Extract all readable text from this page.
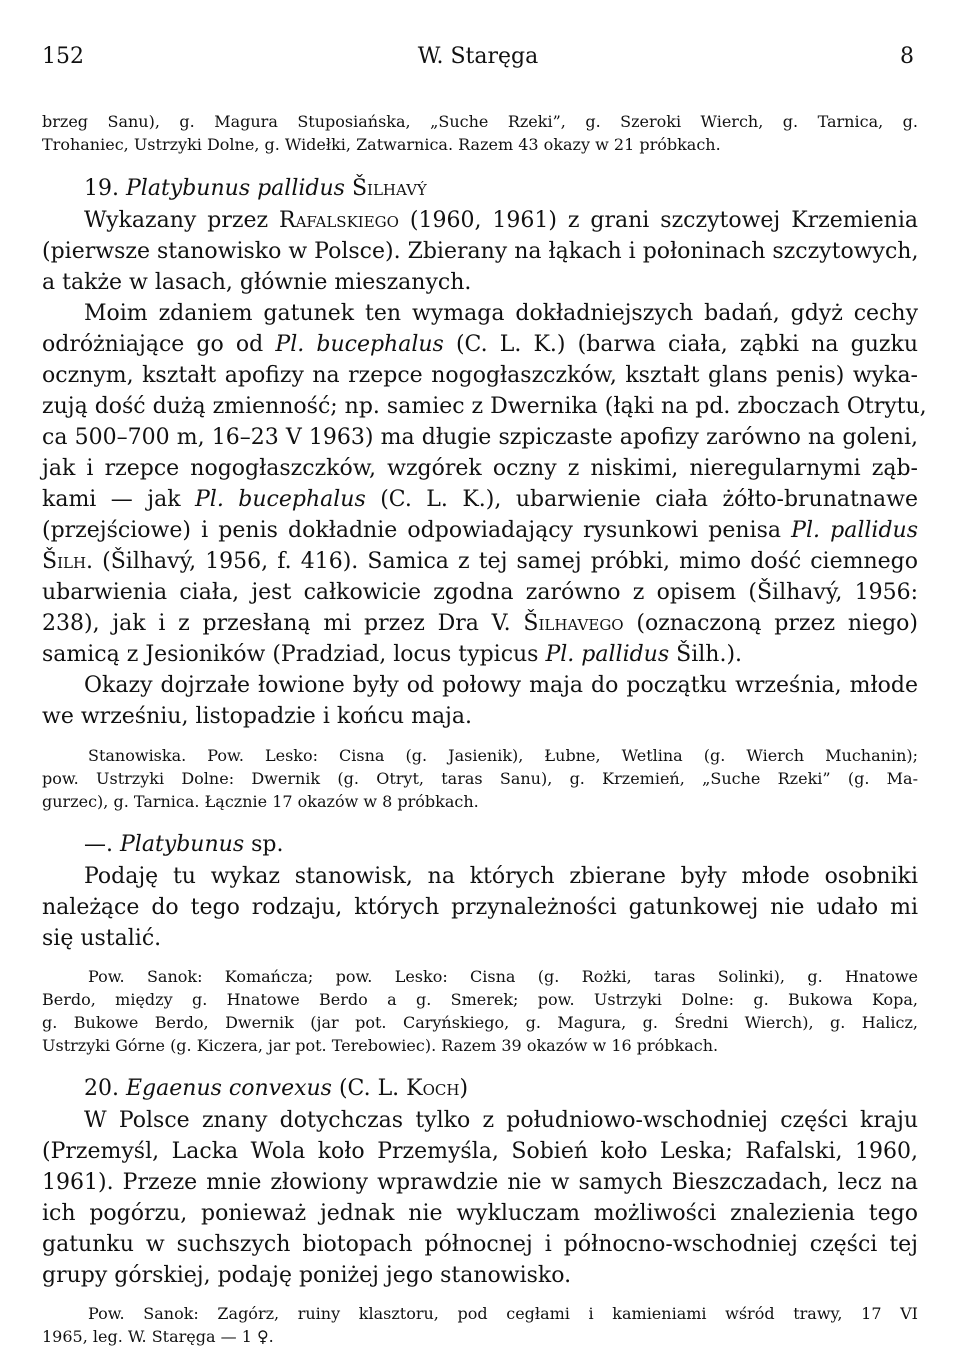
152	W. Staręga	8
brzeg Sanu), g. Magura Stuposiańska, „Suche Rzeki”, g. Szeroki Wierch, g. Tarnica, g.
Trohaniec, Ustrzyki Dolne, g. Widełki, Zatwarnica. Razem 43 okazy w 21 próbkach.
19. Platybunus pallidus Šilhavý
Wykazany przez Rafalskiego (1960, 1961) z grani szczytowej Krzemienia
(pierwsze stanowisko w Polsce). Zbierany na łąkach i połoninach szczytowych,
a także w lasach, głównie mieszanych.
Moim zdaniem gatunek ten wymaga dokładniejszych badań, gdyż cechy
odróżniające go od Pl. bucephalus (C. L. K.) (barwa ciała, ząbki na guzku
ocznym, kształt apofizy na rzepce nogogłaszczków, kształt glans penis) wyka-
zują dość dużą zmienność; np. samiec z Dwernika (łąki na pd. zboczach Otrytu,
ca 500–700 m, 16–23 V 1963) ma długie szpiczaste apofizy zarówno na goleni,
jak i rzepce nogogłaszczków, wzgórek oczny z niskimi, nieregularnymi ząb-
kami — jak Pl. bucephalus (C. L. K.), ubarwienie ciała żółto-brunatnawe
(przejściowe) i penis dokładnie odpowiadający rysunkowi penisa Pl. pallidus
Šilh. (Šilhavý, 1956, f. 416). Samica z tej samej próbki, mimo dość ciemnego
ubarwienia ciała, jest całkowicie zgodna zarówno z opisem (Šilhavý, 1956:
238), jak i z przesłaną mi przez Dra V. Šilhavego (oznaczoną przez niego)
samicą z Jesioników (Pradziad, locus typicus Pl. pallidus Šilh.).
Okazy dojrzałe łowione były od połowy maja do początku września, młode
we wrześniu, listopadzie i końcu maja.
Stanowiska. Pow. Lesko: Cisna (g. Jasienik), Łubne, Wetlina (g. Wierch Muchanin);
pow. Ustrzyki Dolne: Dwernik (g. Otryt, taras Sanu), g. Krzemień, „Suche Rzeki” (g. Ma-
gurzec), g. Tarnica. Łącznie 17 okazów w 8 próbkach.
—. Platybunus sp.
Podaję tu wykaz stanowisk, na których zbierane były młode osobniki
należące do tego rodzaju, których przynależności gatunkowej nie udało mi
się ustalić.
Pow. Sanok: Komańcza; pow. Lesko: Cisna (g. Rożki, taras Solinki), g. Hnatowe
Berdo, między g. Hnatowe Berdo a g. Smerek; pow. Ustrzyki Dolne: g. Bukowa Kopa,
g. Bukowe Berdo, Dwernik (jar pot. Caryńskiego, g. Magura, g. Średni Wierch), g. Halicz,
Ustrzyki Górne (g. Kiczera, jar pot. Terebowiec). Razem 39 okazów w 16 próbkach.
20. Egaenus convexus (C. L. Koch)
W Polsce znany dotychczas tylko z południowo-wschodniej części kraju
(Przemyśl, Lacka Wola koło Przemyśla, Sobień koło Leska; Rafalski, 1960,
1961). Przeze mnie złowiony wprawdzie nie w samych Bieszczadach, lecz na
ich pogórzu, ponieważ jednak nie wykluczam możliwości znalezienia tego
gatunku w suchszych biotopach północnej i północno-wschodniej części tej
grupy górskiej, podaję poniżej jego stanowisko.
Pow. Sanok: Zagórz, ruiny klasztoru, pod cegłami i kamieniami wśród trawy, 17 VI
1965, leg. W. Staręga — 1 ♀.
